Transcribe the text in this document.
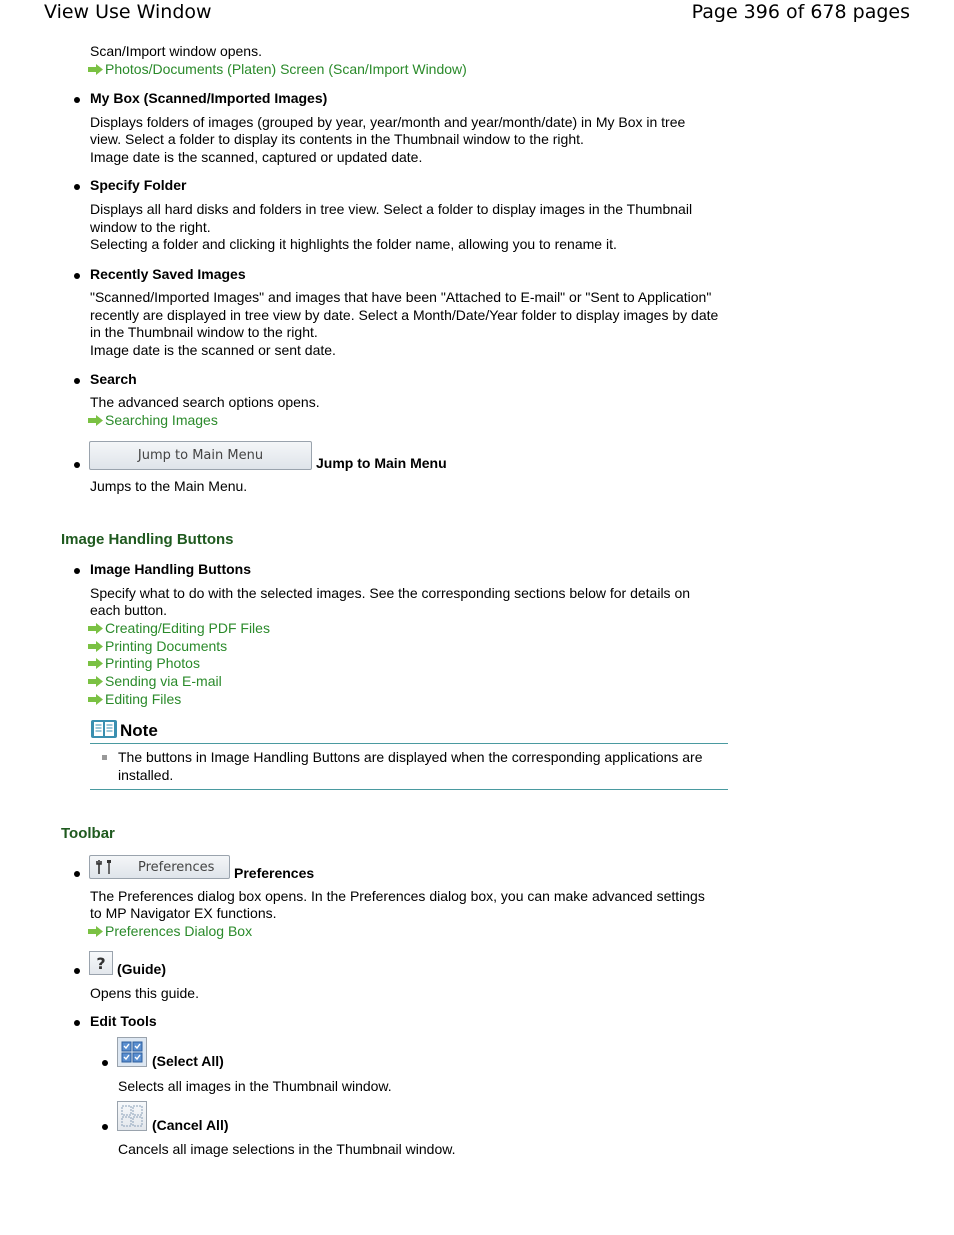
View Use Window	Page 396 of 678 pages
Scan/Import window opens.
Photos/Documents (Platen) Screen (Scan/Import Window)
My Box (Scanned/Imported Images)
Displays folders of images (grouped by year, year/month and year/month/date) in My Box in tree
view. Select a folder to display its contents in the Thumbnail window to the right.
Image date is the scanned, captured or updated date.
Specify Folder
Displays all hard disks and folders in tree view. Select a folder to display images in the Thumbnail
window to the right.
Selecting a folder and clicking it highlights the folder name, allowing you to rename it.
Recently Saved Images
"Scanned/Imported Images" and images that have been "Attached to E-mail" or "Sent to Application"
recently are displayed in tree view by date. Select a Month/Date/Year folder to display images by date
in the Thumbnail window to the right.
Image date is the scanned or sent date.
Search
The advanced search options opens.
Searching Images
Jump to Main Menu	Jump to Main Menu
Jumps to the Main Menu.
Image Handling Buttons
Image Handling Buttons
Specify what to do with the selected images. See the corresponding sections below for details on
each button.
Creating/Editing PDF Files
Printing Documents
Printing Photos
Sending via E-mail
Editing Files
Note
The buttons in Image Handling Buttons are displayed when the corresponding applications are
installed.
Toolbar
Preferences Preferences
The Preferences dialog box opens. In the Preferences dialog box, you can make advanced settings
to MP Navigator EX functions.
Preferences Dialog Box
? (Guide)
Opens this guide.
Edit Tools
(Select All)
Selects all images in the Thumbnail window.
(Cancel All)
Cancels all image selections in the Thumbnail window.
